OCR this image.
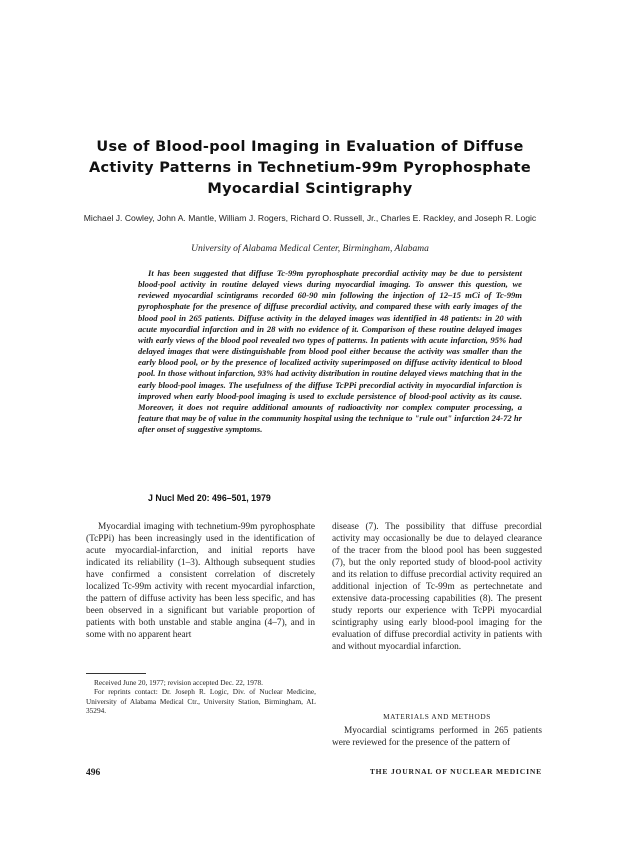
Use of Blood-pool Imaging in Evaluation of Diffuse
Activity Patterns in Technetium-99m Pyrophosphate
Myocardial Scintigraphy
Michael J. Cowley, John A. Mantle, William J. Rogers, Richard O. Russell, Jr., Charles E. Rackley, and Joseph R. Logic
University of Alabama Medical Center, Birmingham, Alabama
It has been suggested that diffuse Tc-99m pyrophosphate precordial activity may be due to persistent blood-pool activity in routine delayed views during myocardial imaging. To answer this question, we reviewed myocardial scintigrams recorded 60-90 min following the injection of 12–15 mCi of Tc-99m pyrophosphate for the presence of diffuse precordial activity, and compared these with early images of the blood pool in 265 patients. Diffuse activity in the delayed images was identified in 48 patients: in 20 with acute myocardial infarction and in 28 with no evidence of it. Comparison of these routine delayed images with early views of the blood pool revealed two types of patterns. In patients with acute infarction, 95% had delayed images that were distinguishable from blood pool either because the activity was smaller than the early blood pool, or by the presence of localized activity superimposed on diffuse activity identical to blood pool. In those without infarction, 93% had activity distribution in routine delayed views matching that in the early blood-pool images. The usefulness of the diffuse TcPPi precordial activity in myocardial infarction is improved when early blood-pool imaging is used to exclude persistence of blood-pool activity as its cause. Moreover, it does not require additional amounts of radioactivity nor complex computer processing, a feature that may be of value in the community hospital using the technique to "rule out" infarction 24-72 hr after onset of suggestive symptoms.
J Nucl Med 20: 496–501, 1979

Myocardial imaging with technetium-99m pyrophosphate (TcPPi) has been increasingly used in the identification of acute myocardial-infarction, and initial reports have indicated its reliability (1–3). Although subsequent studies have confirmed a consistent correlation of discretely localized Tc-99m activity with recent myocardial infarction, the pattern of diffuse activity has been less specific, and has been observed in a significant but variable proportion of patients with both unstable and stable angina (4–7), and in some with no apparent heart

disease (7). The possibility that diffuse precordial activity may occasionally be due to delayed clearance of the tracer from the blood pool has been suggested (7), but the only reported study of blood-pool activity and its relation to diffuse precordial activity required an additional injection of Tc-99m as pertechnetate and extensive data-processing capabilities (8). The present study reports our experience with TcPPi myocardial scintigraphy using early blood-pool imaging for the evaluation of diffuse precordial activity in patients with and without myocardial infarction.

Received June 20, 1977; revision accepted Dec. 22, 1978.

For reprints contact: Dr. Joseph R. Logic, Div. of Nuclear Medicine, University of Alabama Medical Ctr., University Station, Birmingham, AL 35294.

MATERIALS AND METHODS

Myocardial scintigrams performed in 265 patients were reviewed for the presence of the pattern of

496	THE JOURNAL OF NUCLEAR MEDICINE
